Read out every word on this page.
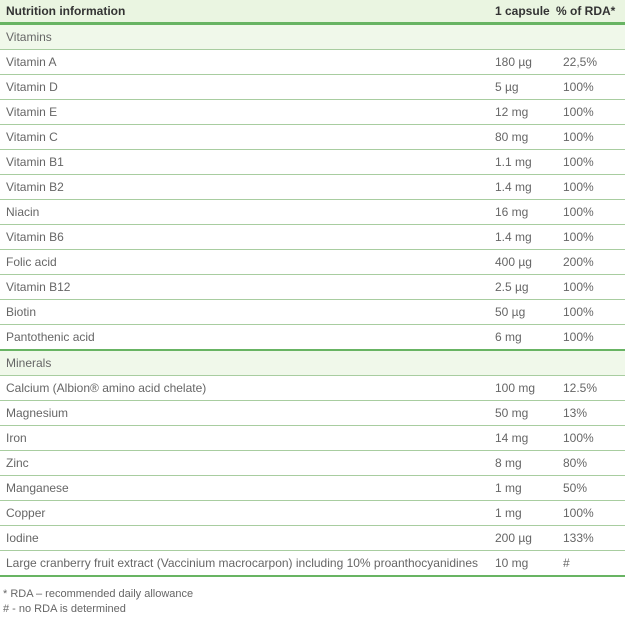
Nutrition information	1 capsule	% of RDA*
Vitamins		
Vitamin A	180 µg	22,5%
Vitamin D	5 µg	100%
Vitamin E	12 mg	100%
Vitamin C	80 mg	100%
Vitamin B1	1.1 mg	100%
Vitamin B2	1.4 mg	100%
Niacin	16 mg	100%
Vitamin B6	1.4 mg	100%
Folic acid	400 µg	200%
Vitamin B12	2.5 µg	100%
Biotin	50 µg	100%
Pantothenic acid	6 mg	100%
Minerals		
Calcium (Albion® amino acid chelate)	100 mg	12.5%
Magnesium	50 mg	13%
Iron	14 mg	100%
Zinc	8 mg	80%
Manganese	1 mg	50%
Copper	1 mg	100%
Iodine	200 µg	133%
Large cranberry fruit extract (Vaccinium macrocarpon) including 10% proanthocyanidines	10 mg	#
* RDA – recommended daily allowance
# - no RDA is determined
